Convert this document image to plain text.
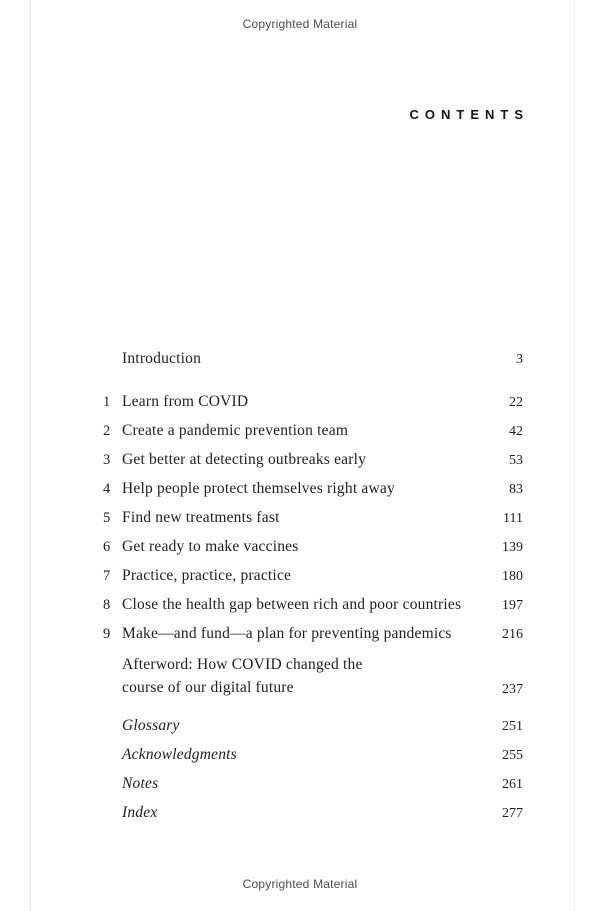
Copyrighted Material
CONTENTS
Introduction	3
1 Learn from COVID	22
2 Create a pandemic prevention team	42
3 Get better at detecting outbreaks early	53
4 Help people protect themselves right away	83
5 Find new treatments fast	111
6 Get ready to make vaccines	139
7 Practice, practice, practice	180
8 Close the health gap between rich and poor countries	197
9 Make—and fund—a plan for preventing pandemics	216
Afterword: How COVID changed the
course of our digital future	237
Glossary	251
Acknowledgments	255
Notes	261
Index	277
Copyrighted Material
